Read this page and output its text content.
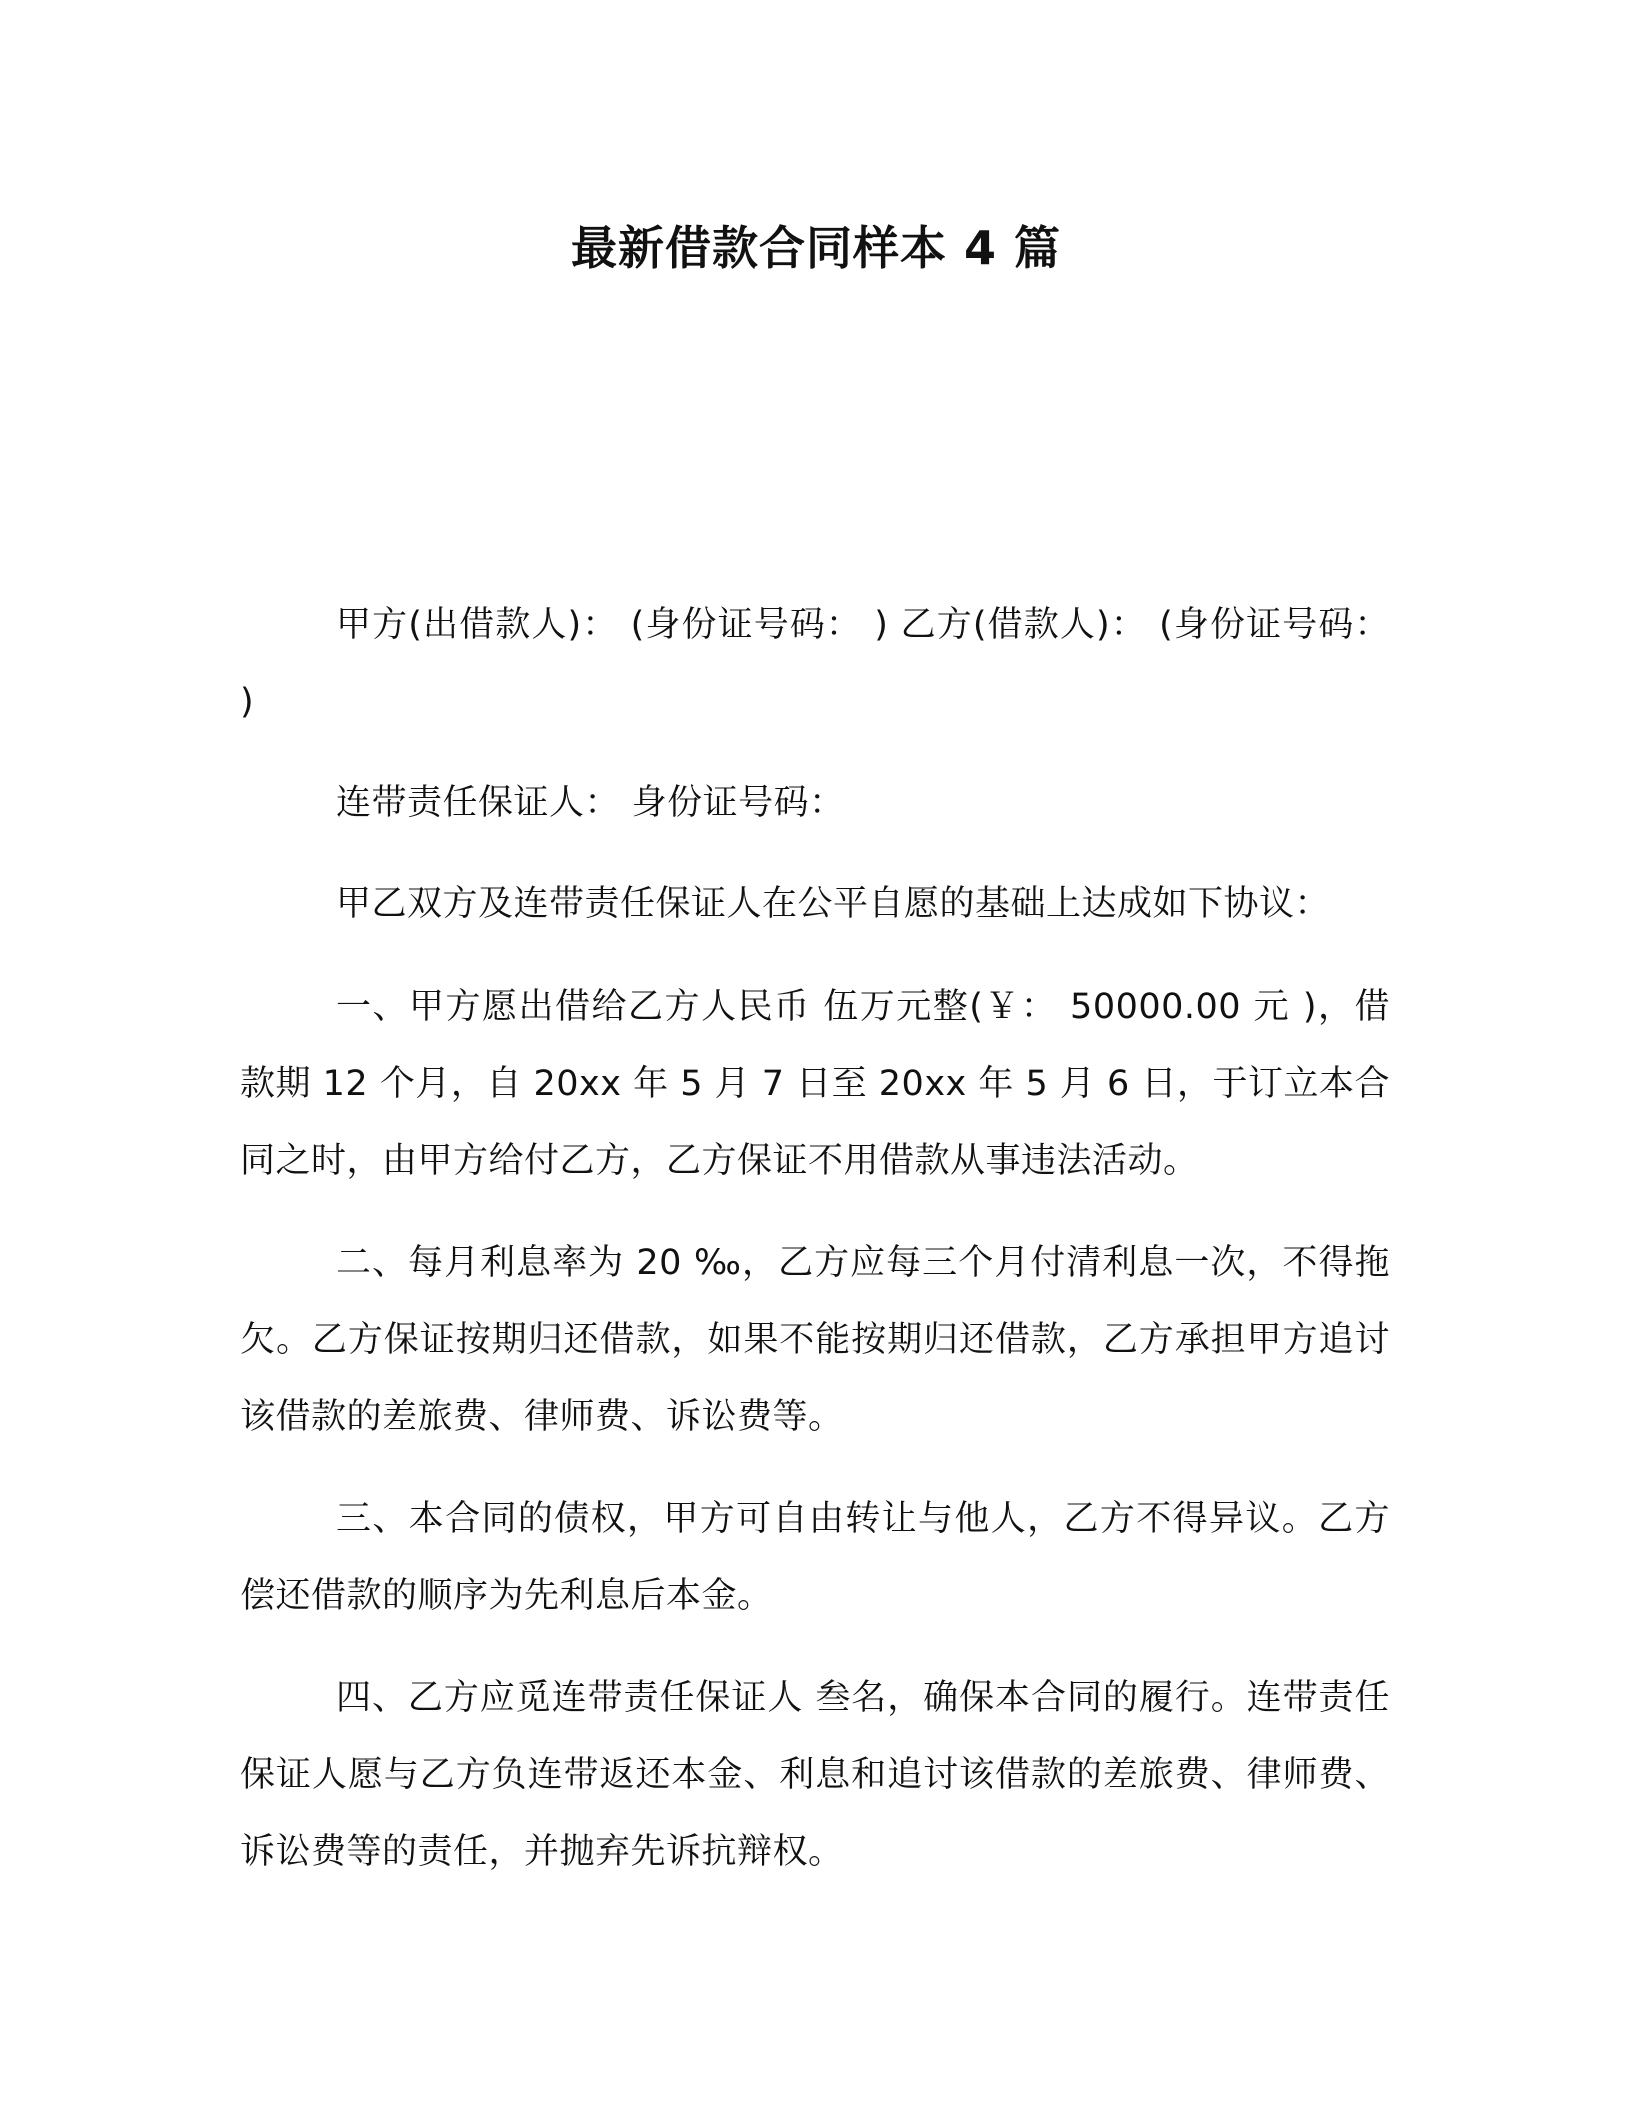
最新借款合同样本 4 篇

甲方(出借款人)： (身份证号码： ) 乙方(借款人)： (身份证号码： )

连带责任保证人： 身份证号码：

甲乙双方及连带责任保证人在公平自愿的基础上达成如下协议：

一、甲方愿出借给乙方人民币 伍万元整(￥： 50000.00 元 )，借款期 12 个月，自 20xx 年 5 月 7 日至 20xx 年 5 月 6 日，于订立本合同之时，由甲方给付乙方，乙方保证不用借款从事违法活动。

二、每月利息率为 20 ‰，乙方应每三个月付清利息一次，不得拖欠。乙方保证按期归还借款，如果不能按期归还借款，乙方承担甲方追讨该借款的差旅费、律师费、诉讼费等。

三、本合同的债权，甲方可自由转让与他人，乙方不得异议。乙方偿还借款的顺序为先利息后本金。

四、乙方应觅连带责任保证人 叁名，确保本合同的履行。连带责任保证人愿与乙方负连带返还本金、利息和追讨该借款的差旅费、律师费、诉讼费等的责任，并抛弃先诉抗辩权。
